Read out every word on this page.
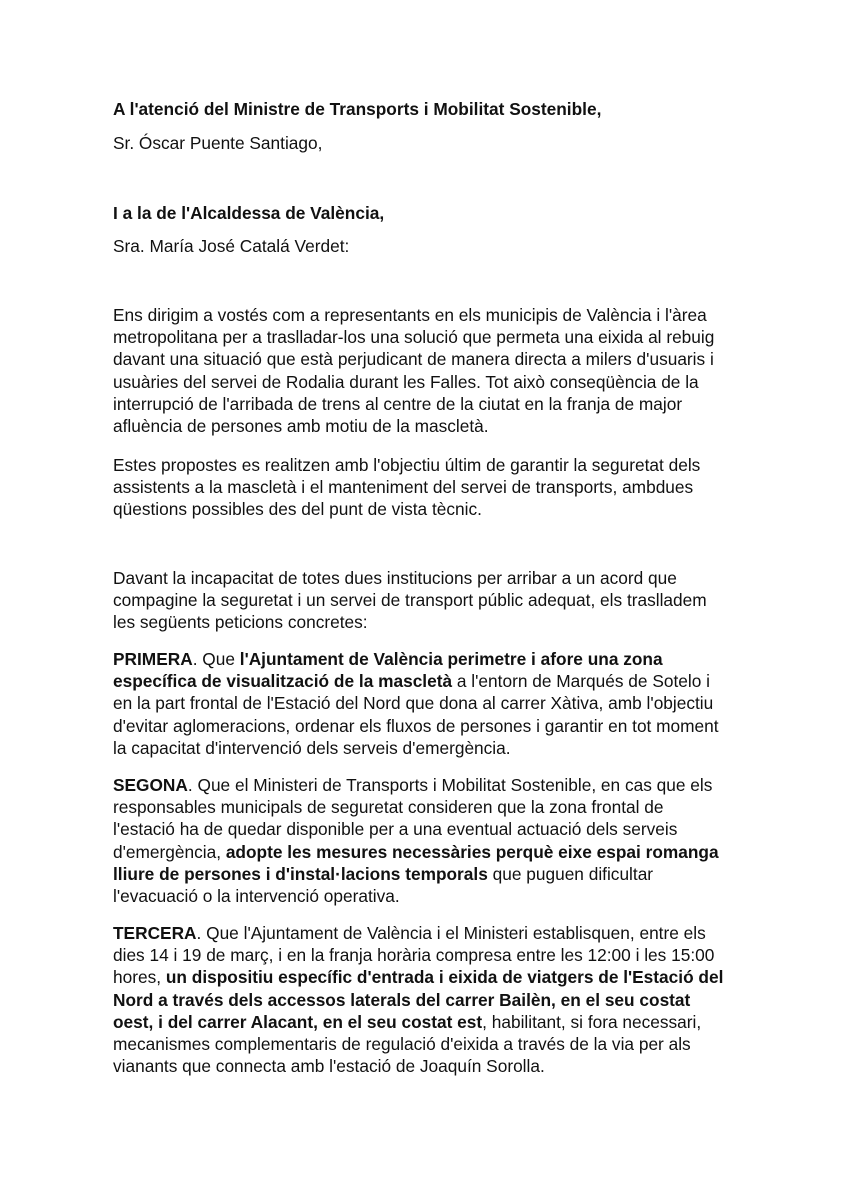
A l'atenció del Ministre de Transports i Mobilitat Sostenible,

Sr. Óscar Puente Santiago,

I a la de l'Alcaldessa de València,

Sra. María José Catalá Verdet:

Ens dirigim a vostés com a representants en els municipis de València i l'àrea

metropolitana per a traslladar-los una solució que permeta una eixida al rebuig

davant una situació que està perjudicant de manera directa a milers d'usuaris i

usuàries del servei de Rodalia durant les Falles. Tot això conseqüència de la

interrupció de l'arribada de trens al centre de la ciutat en la franja de major

afluència de persones amb motiu de la mascletà.

Estes propostes es realitzen amb l'objectiu últim de garantir la seguretat dels

assistents a la mascletà i el manteniment del servei de transports, ambdues

qüestions possibles des del punt de vista tècnic.

Davant la incapacitat de totes dues institucions per arribar a un acord que

compagine la seguretat i un servei de transport públic adequat, els traslladem

les següents peticions concretes:

PRIMERA. Que l'Ajuntament de València perimetre i afore una zona

específica de visualització de la mascletà a l'entorn de Marqués de Sotelo i

en la part frontal de l'Estació del Nord que dona al carrer Xàtiva, amb l'objectiu

d'evitar aglomeracions, ordenar els fluxos de persones i garantir en tot moment

la capacitat d'intervenció dels serveis d'emergència.

SEGONA. Que el Ministeri de Transports i Mobilitat Sostenible, en cas que els

responsables municipals de seguretat consideren que la zona frontal de

l'estació ha de quedar disponible per a una eventual actuació dels serveis

d'emergència, adopte les mesures necessàries perquè eixe espai romanga

lliure de persones i d'instal·lacions temporals que puguen dificultar

l'evacuació o la intervenció operativa.

TERCERA. Que l'Ajuntament de València i el Ministeri establisquen, entre els

dies 14 i 19 de març, i en la franja horària compresa entre les 12:00 i les 15:00

hores, un dispositiu específic d'entrada i eixida de viatgers de l'Estació del

Nord a través dels accessos laterals del carrer Bailèn, en el seu costat

oest, i del carrer Alacant, en el seu costat est, habilitant, si fora necessari,

mecanismes complementaris de regulació d'eixida a través de la via per als

vianants que connecta amb l'estació de Joaquín Sorolla.
